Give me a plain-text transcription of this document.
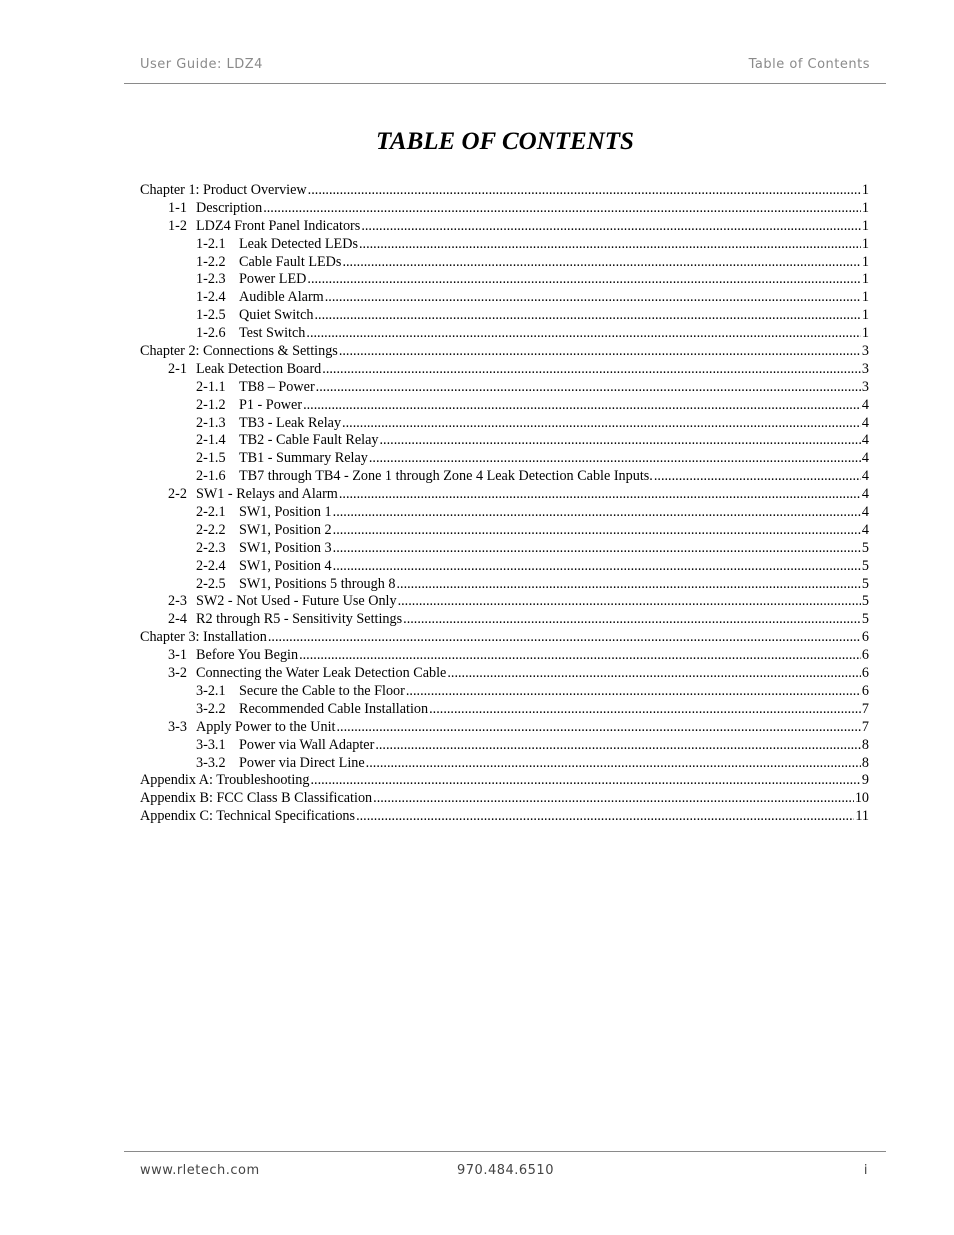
User Guide: LDZ4	Table of Contents
TABLE OF CONTENTS
Chapter 1: Product Overview .....	1
1-1 Description .....	1
1-2 LDZ4 Front Panel Indicators .....	1
1-2.1 Leak Detected LEDs .....	1
1-2.2 Cable Fault LEDs .....	1
1-2.3 Power LED .....	1
1-2.4 Audible Alarm .....	1
1-2.5 Quiet Switch .....	1
1-2.6 Test Switch .....	1
Chapter 2: Connections & Settings .....	3
2-1 Leak Detection Board .....	3
2-1.1 TB8 – Power .....	3
2-1.2 P1 - Power .....	4
2-1.3 TB3 - Leak Relay .....	4
2-1.4 TB2 - Cable Fault Relay .....	4
2-1.5 TB1 - Summary Relay .....	4
2-1.6 TB7 through TB4 - Zone 1 through Zone 4 Leak Detection Cable Inputs. .....	4
2-2 SW1 - Relays and Alarm .....	4
2-2.1 SW1, Position 1 .....	4
2-2.2 SW1, Position 2 .....	4
2-2.3 SW1, Position 3 .....	5
2-2.4 SW1, Position 4 .....	5
2-2.5 SW1, Positions 5 through 8 .....	5
2-3 SW2 - Not Used - Future Use Only .....	5
2-4 R2 through R5 - Sensitivity Settings .....	5
Chapter 3: Installation .....	6
3-1 Before You Begin .....	6
3-2 Connecting the Water Leak Detection Cable .....	6
3-2.1 Secure the Cable to the Floor .....	6
3-2.2 Recommended Cable Installation .....	7
3-3 Apply Power to the Unit .....	7
3-3.1 Power via Wall Adapter .....	8
3-3.2 Power via Direct Line .....	8
Appendix A: Troubleshooting .....	9
Appendix B: FCC Class B Classification .....	10
Appendix C: Technical Specifications .....	11
www.rletech.com	970.484.6510	i
